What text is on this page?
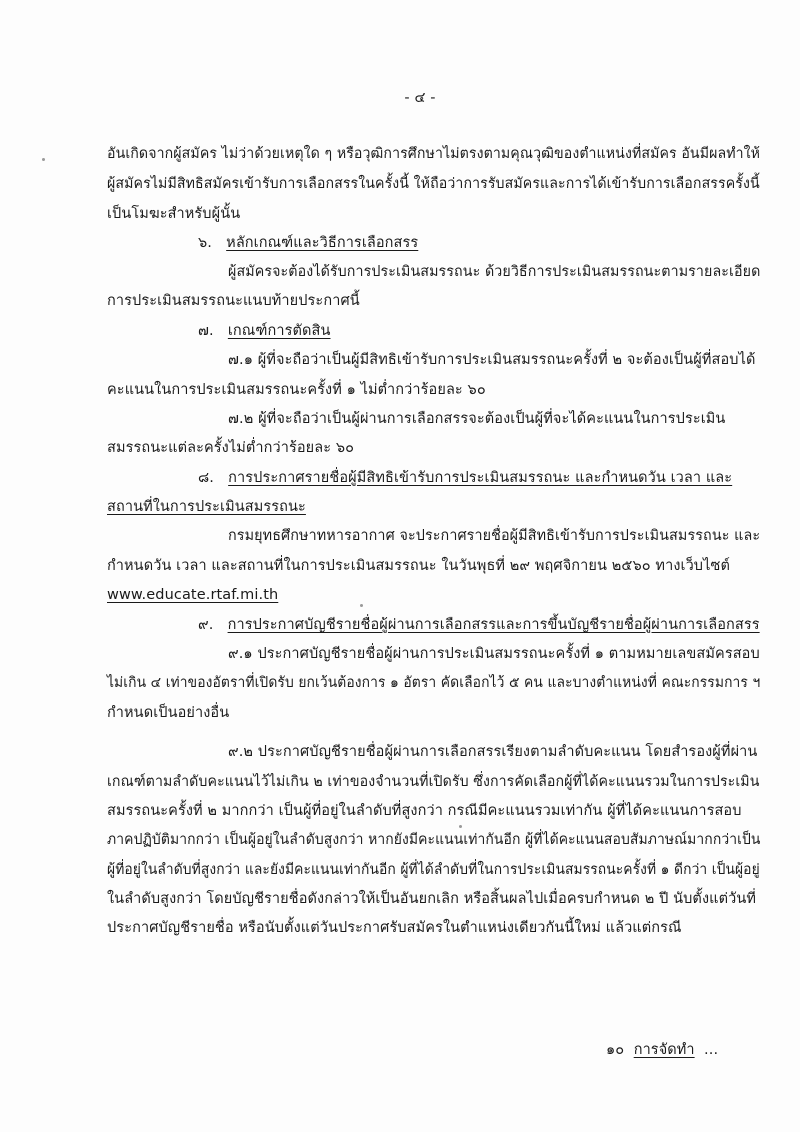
- ๔ -
อันเกิดจากผู้สมัคร ไม่ว่าด้วยเหตุใด ๆ หรือวุฒิการศึกษาไม่ตรงตามคุณวุฒิของตำแหน่งที่สมัคร อันมีผลทำให้
ผู้สมัครไม่มีสิทธิสมัครเข้ารับการเลือกสรรในครั้งนี้ ให้ถือว่าการรับสมัครและการได้เข้ารับการเลือกสรรครั้งนี้
เป็นโมฆะสำหรับผู้นั้น
๖. หลักเกณฑ์และวิธีการเลือกสรร
ผู้สมัครจะต้องได้รับการประเมินสมรรถนะ ด้วยวิธีการประเมินสมรรถนะตามรายละเอียด
การประเมินสมรรถนะแนบท้ายประกาศนี้
๗. เกณฑ์การตัดสิน
๗.๑ ผู้ที่จะถือว่าเป็นผู้มีสิทธิเข้ารับการประเมินสมรรถนะครั้งที่ ๒ จะต้องเป็นผู้ที่สอบได้
คะแนนในการประเมินสมรรถนะครั้งที่ ๑ ไม่ต่ำกว่าร้อยละ ๖๐
๗.๒ ผู้ที่จะถือว่าเป็นผู้ผ่านการเลือกสรรจะต้องเป็นผู้ที่จะได้คะแนนในการประเมิน
สมรรถนะแต่ละครั้งไม่ต่ำกว่าร้อยละ ๖๐
๘. การประกาศรายชื่อผู้มีสิทธิเข้ารับการประเมินสมรรถนะ และกำหนดวัน เวลา และ
สถานที่ในการประเมินสมรรถนะ
กรมยุทธศึกษาทหารอากาศ จะประกาศรายชื่อผู้มีสิทธิเข้ารับการประเมินสมรรถนะ และ
กำหนดวัน เวลา และสถานที่ในการประเมินสมรรถนะ ในวันพุธที่ ๒๙ พฤศจิกายน ๒๕๖๐ ทางเว็บไซต์
www.educate.rtaf.mi.th
๙. การประกาศบัญชีรายชื่อผู้ผ่านการเลือกสรรและการขึ้นบัญชีรายชื่อผู้ผ่านการเลือกสรร
๙.๑ ประกาศบัญชีรายชื่อผู้ผ่านการประเมินสมรรถนะครั้งที่ ๑ ตามหมายเลขสมัครสอบ
ไม่เกิน ๔ เท่าของอัตราที่เปิดรับ ยกเว้นต้องการ ๑ อัตรา คัดเลือกไว้ ๕ คน และบางตำแหน่งที่ คณะกรรมการ ฯ
กำหนดเป็นอย่างอื่น
๙.๒ ประกาศบัญชีรายชื่อผู้ผ่านการเลือกสรรเรียงตามลำดับคะแนน โดยสำรองผู้ที่ผ่าน
เกณฑ์ตามลำดับคะแนนไว้ไม่เกิน ๒ เท่าของจำนวนที่เปิดรับ ซึ่งการคัดเลือกผู้ที่ได้คะแนนรวมในการประเมิน
สมรรถนะครั้งที่ ๒ มากกว่า เป็นผู้ที่อยู่ในลำดับที่สูงกว่า กรณีมีคะแนนรวมเท่ากัน ผู้ที่ได้คะแนนการสอบ
ภาคปฏิบัติมากกว่า เป็นผู้อยู่ในลำดับสูงกว่า หากยังมีคะแนนเท่ากันอีก ผู้ที่ได้คะแนนสอบสัมภาษณ์มากกว่าเป็น
ผู้ที่อยู่ในลำดับที่สูงกว่า และยังมีคะแนนเท่ากันอีก ผู้ที่ได้ลำดับที่ในการประเมินสมรรถนะครั้งที่ ๑ ดีกว่า เป็นผู้อยู่
ในลำดับสูงกว่า โดยบัญชีรายชื่อดังกล่าวให้เป็นอันยกเลิก หรือสิ้นผลไปเมื่อครบกำหนด ๒ ปี นับตั้งแต่วันที่
ประกาศบัญชีรายชื่อ หรือนับตั้งแต่วันประกาศรับสมัครในตำแหน่งเดียวกันนี้ใหม่ แล้วแต่กรณี
๑๐ การจัดทำ ...
